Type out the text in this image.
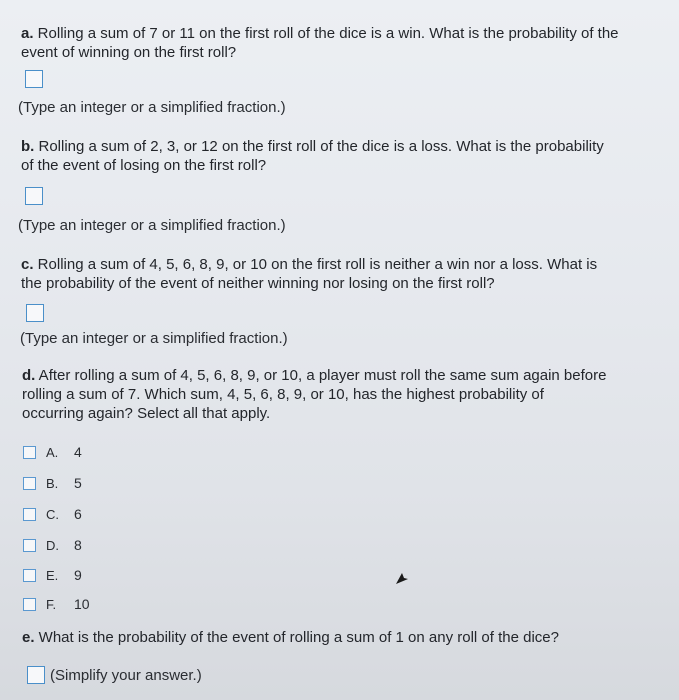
a. Rolling a sum of 7 or 11 on the first roll of the dice is a win. What is the probability of the
event of winning on the first roll?
(Type an integer or a simplified fraction.)
b. Rolling a sum of 2, 3, or 12 on the first roll of the dice is a loss. What is the probability
of the event of losing on the first roll?
(Type an integer or a simplified fraction.)
c. Rolling a sum of 4, 5, 6, 8, 9, or 10 on the first roll is neither a win nor a loss. What is
the probability of the event of neither winning nor losing on the first roll?
(Type an integer or a simplified fraction.)
d. After rolling a sum of 4, 5, 6, 8, 9, or 10, a player must roll the same sum again before
rolling a sum of 7. Which sum, 4, 5, 6, 8, 9, or 10, has the highest probability of
occurring again? Select all that apply.
A.	4
B.	5
C.	6
D.	8
E.	9
F.	10
e. What is the probability of the event of rolling a sum of 1 on any roll of the dice?
(Simplify your answer.)
